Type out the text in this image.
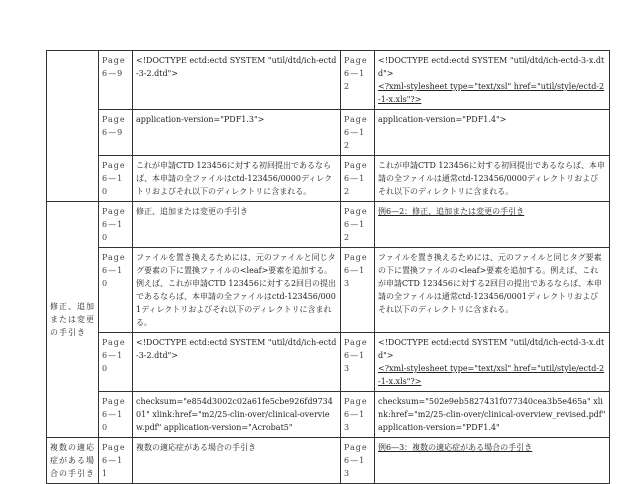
	Page 6—9	<!DOCTYPE ectd:ectd SYSTEM "util/dtd/ich-ectd-3-2.dtd">	Page 6—12	<!DOCTYPE ectd:ectd SYSTEM "util/dtd/ich-ectd-3-x.dtd">
<?xml-stylesheet type="text/xsl" href="util/style/ectd-2-1-x.xls"?>

	Page 6—9	application-version="PDF1.3">	Page 6—12	application-version="PDF1.4">
	Page 6—10	これが申請CTD 123456に対する初回提出であるならば、本申請の全ファイルはctd-123456/0000ディレクトリおよびそれ以下のディレクトリに含まれる。	Page 6—12	これが申請CTD 123456に対する初回提出であるならば、本申請の全ファイルは通常ctd-123456/0000ディレクトリおよびそれ以下のディレクトリに含まれる。
修正、追加または変更の手引き	Page 6—10	修正、追加または変更の手引き	Page 6—12	例6—2：修正、追加または変更の手引き
	Page 6—10	ファイルを置き換えるためには、元のファイルと同じタグ要素の下に置換ファイルの<leaf>要素を追加する。例えば、これが申請CTD 123456に対する2回目の提出であるならば、本申請の全ファイルはctd-123456/0001ディレクトリおよびそれ以下のディレクトリに含まれる。	Page 6—13	ファイルを置き換えるためには、元のファイルと同じタグ要素の下に置換ファイルの<leaf>要素を追加する。例えば、これが申請CTD 123456に対する2回目の提出であるならば、本申請の全ファイルは通常ctd-123456/0001ディレクトリおよびそれ以下のディレクトリに含まれる。
	Page 6—10	<!DOCTYPE ectd:ectd SYSTEM "util/dtd/ich-ectd-3-2.dtd">	Page 6—13	<!DOCTYPE ectd:ectd SYSTEM "util/dtd/ich-ectd-3-x.dtd">
<?xml-stylesheet type="text/xsl" href="util/style/ectd-2-1-x.xls"?>

	Page 6—10	checksum="e854d3002c02a61fe5cbe926fd973401" xlink:href="m2/25-clin-over/clinical-overview.pdf" application-version="Acrobat5"	Page 6—13	checksum="502e9eb5827431f077340cea3b5e465a" xlink:href="m2/25-clin-over/clinical-overview_revised.pdf" application-version="PDF1.4"
複数の適応症がある場合の手引き	Page 6—11	複数の適応症がある場合の手引き	Page 6—13	例6—3：複数の適応症がある場合の手引き
